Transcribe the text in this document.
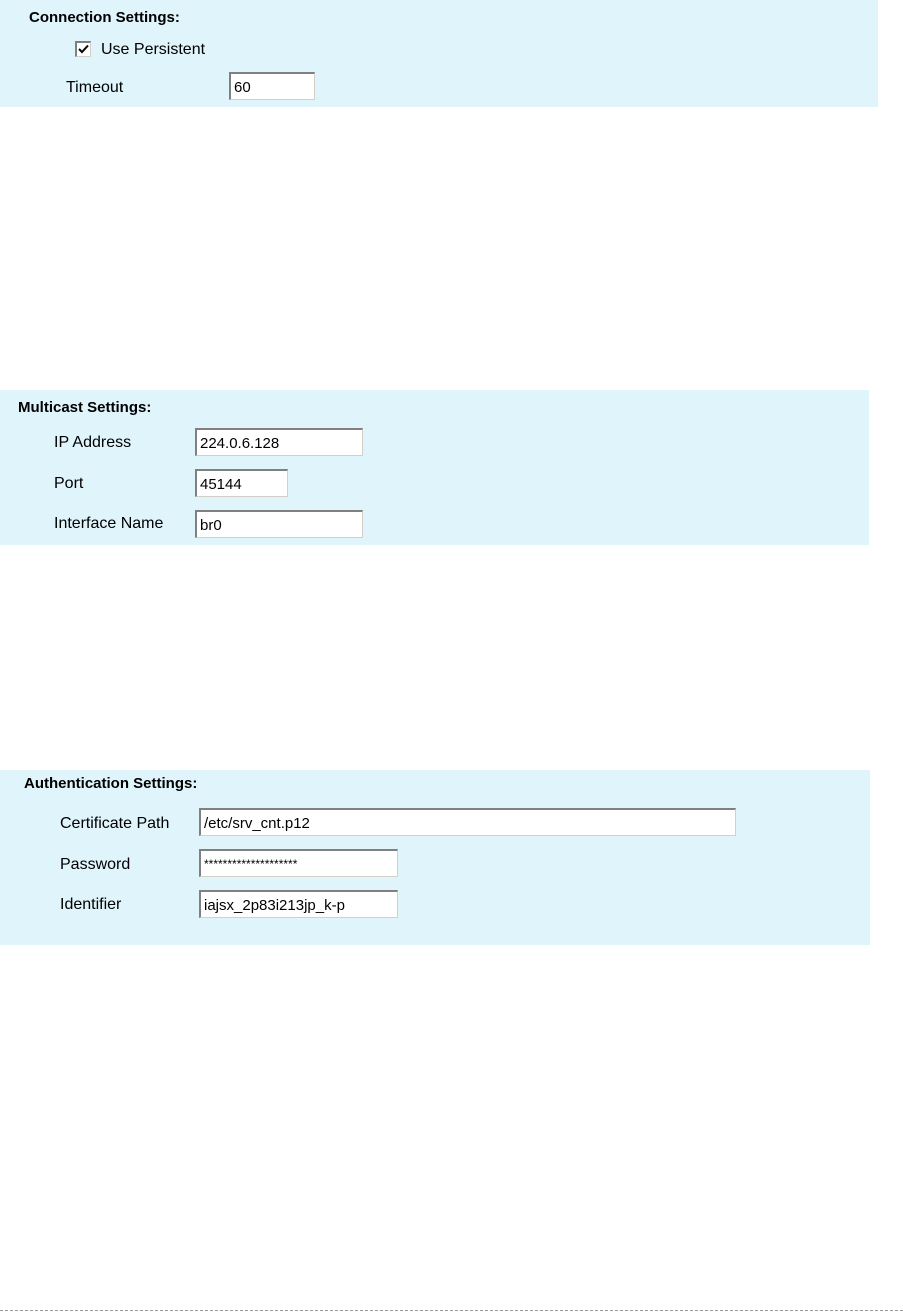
Connection Settings:
Use Persistent
Timeout
60
Multicast Settings:
IP Address
224.0.6.128
Port
45144
Interface Name
br0
Authentication Settings:
Certificate Path
/etc/srv_cnt.p12
Password
********************
Identifier
iajsx_2p83i213jp_k-p
